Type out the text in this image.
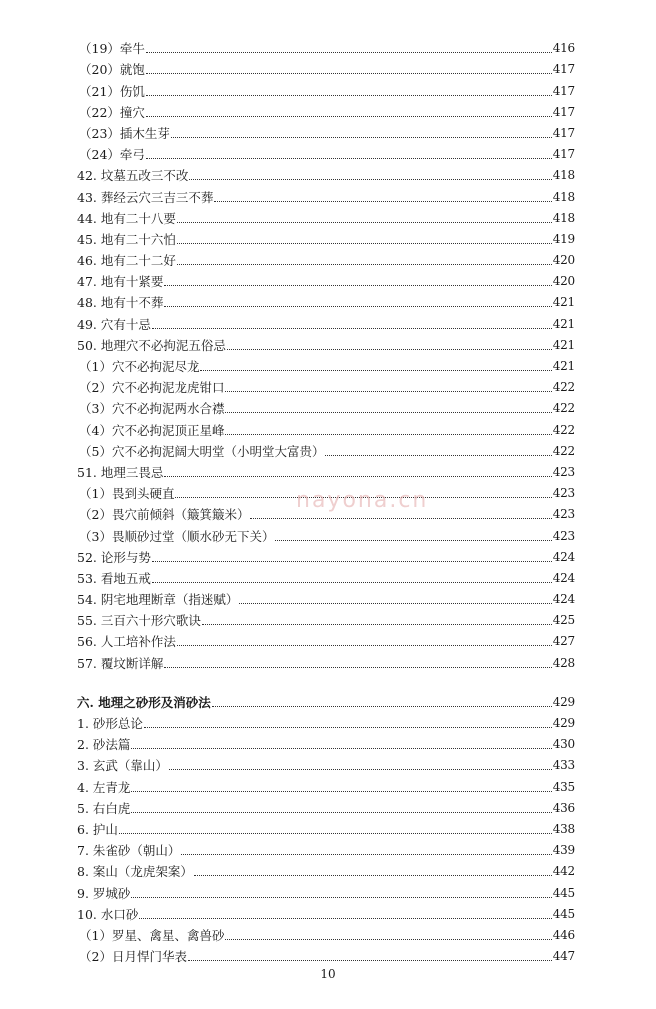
（19）牵牛	416
（20）就饱	417
（21）伤饥	417
（22）撞穴	417
（23）插木生芽	417
（24）牵弓	417
42. 坟墓五改三不改	418
43. 葬经云穴三吉三不葬	418
44. 地有二十八要	418
45. 地有二十六怕	419
46. 地有二十二好	420
47. 地有十紧要	420
48. 地有十不葬	421
49. 穴有十忌	421
50. 地理穴不必拘泥五俗忌	421
（1）穴不必拘泥尽龙	421
（2）穴不必拘泥龙虎钳口	422
（3）穴不必拘泥两水合襟	422
（4）穴不必拘泥顶正星峰	422
（5）穴不必拘泥阔大明堂（小明堂大富贵）	422
51. 地理三畏忌	423
（1）畏到头硬直	423
（2）畏穴前倾斜（簸箕簸米）	423
（3）畏顺砂过堂（顺水砂无下关）	423
52. 论形与势	424
53. 看地五戒	424
54. 阴宅地理断章（指迷赋）	424
55. 三百六十形穴歌诀	425
56. 人工培补作法	427
57. 覆坟断详解	428
六. 地理之砂形及消砂法	429
1. 砂形总论	429
2. 砂法篇	430
3. 玄武（靠山）	433
4. 左青龙	435
5. 右白虎	436
6. 护山	438
7. 朱雀砂（朝山）	439
8. 案山（龙虎架案）	442
9. 罗城砂	445
10. 水口砂	445
（1）罗星、禽星、禽兽砂	446
（2）日月悍门华表	447
nayona.cn
10
